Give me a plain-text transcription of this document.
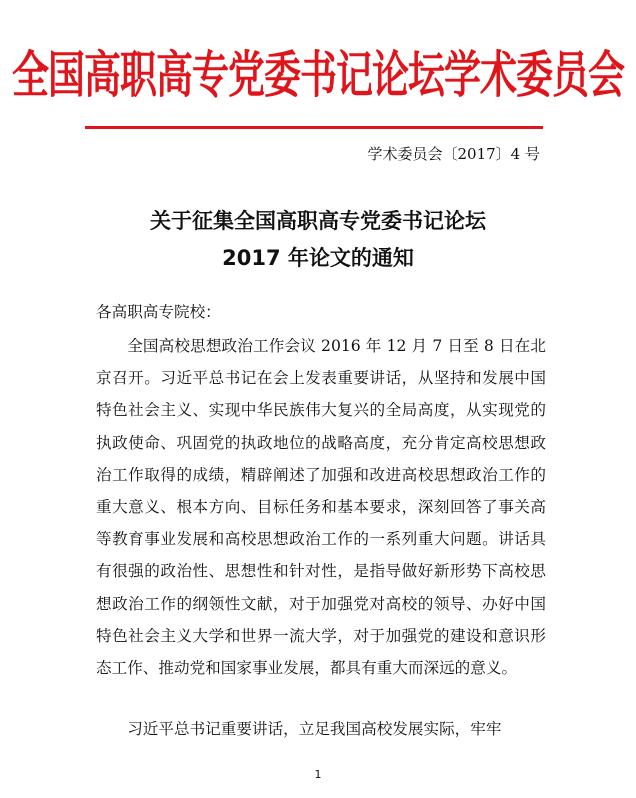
全国高职高专党委书记论坛学术委员会
学术委员会〔2017〕4 号
关于征集全国高职高专党委书记论坛
2017 年论文的通知
各高职高专院校：
全国高校思想政治工作会议 2016 年 12 月 7 日至 8 日在北京召开。习近平总书记在会上发表重要讲话，从坚持和发展中国特色社会主义、实现中华民族伟大复兴的全局高度，从实现党的执政使命、巩固党的执政地位的战略高度，充分肯定高校思想政治工作取得的成绩，精辟阐述了加强和改进高校思想政治工作的重大意义、根本方向、目标任务和基本要求，深刻回答了事关高等教育事业发展和高校思想政治工作的一系列重大问题。讲话具有很强的政治性、思想性和针对性，是指导做好新形势下高校思想政治工作的纲领性文献，对于加强党对高校的领导、办好中国特色社会主义大学和世界一流大学，对于加强党的建设和意识形态工作、推动党和国家事业发展，都具有重大而深远的意义。
习近平总书记重要讲话，立足我国高校发展实际，牢牢
1
